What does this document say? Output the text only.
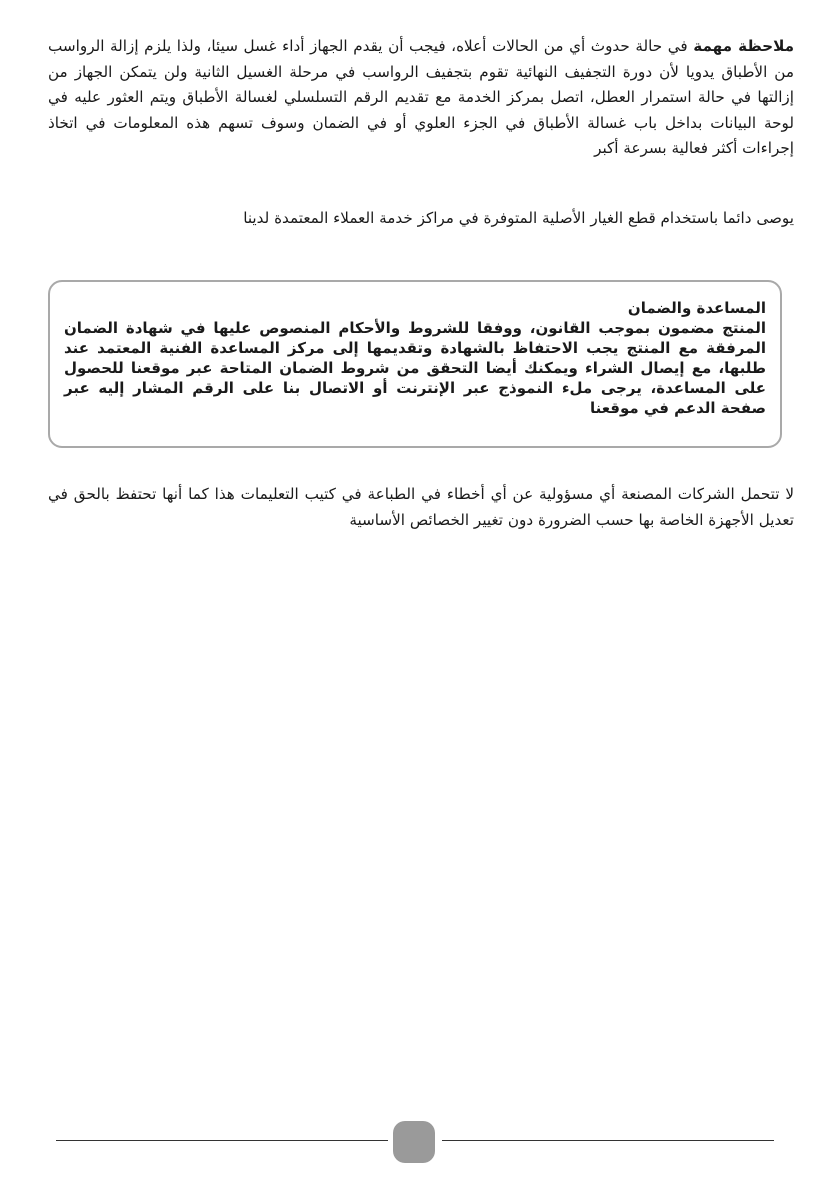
ملاحظة مهمة في حالة حدوث أي من الحالات أعلاه، فيجب أن يقدم الجهاز أداء غسل سيئا، ولذا يلزم إزالة الرواسب من الأطباق يدويا لأن دورة التجفيف النهائية تقوم بتجفيف الرواسب في مرحلة الغسيل الثانية ولن يتمكن الجهاز من إزالتها في حالة استمرار العطل، اتصل بمركز الخدمة مع تقديم الرقم التسلسلي لغسالة الأطباق ويتم العثور عليه في لوحة البيانات بداخل باب غسالة الأطباق في الجزء العلوي أو في الضمان وسوف تسهم هذه المعلومات في اتخاذ إجراءات أكثر فعالية بسرعة أكبر

يوصى دائما باستخدام قطع الغيار الأصلية المتوفرة في مراكز خدمة العملاء المعتمدة لدينا

المساعدة والضمان

المنتج مضمون بموجب القانون، ووفقا للشروط والأحكام المنصوص عليها في شهادة الضمان المرفقة مع المنتج يجب الاحتفاظ بالشهادة وتقديمها إلى مركز المساعدة الفنية المعتمد عند طلبها، مع إيصال الشراء ويمكنك أيضا التحقق من شروط الضمان المتاحة عبر موقعنا للحصول على المساعدة، يرجى ملء النموذج عبر الإنترنت أو الاتصال بنا على الرقم المشار إليه عبر صفحة الدعم في موقعنا

لا تتحمل الشركات المصنعة أي مسؤولية عن أي أخطاء في الطباعة في كتيب التعليمات هذا كما أنها تحتفظ بالحق في تعديل الأجهزة الخاصة بها حسب الضرورة دون تغيير الخصائص الأساسية
